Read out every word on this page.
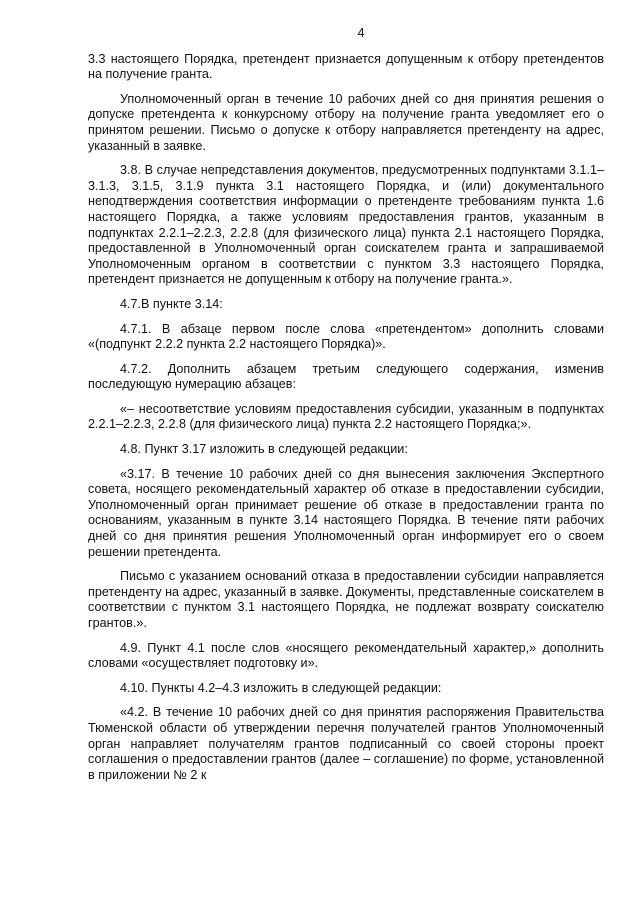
4

3.3 настоящего Порядка, претендент признается допущенным к отбору претендентов на получение гранта.

Уполномоченный орган в течение 10 рабочих дней со дня принятия решения о допуске претендента к конкурсному отбору на получение гранта уведомляет его о принятом решении. Письмо о допуске к отбору направляется претенденту на адрес, указанный в заявке.

3.8. В случае непредставления документов, предусмотренных подпунктами 3.1.1–3.1.3, 3.1.5, 3.1.9 пункта 3.1 настоящего Порядка, и (или) документального неподтверждения соответствия информации о претенденте требованиям пункта 1.6 настоящего Порядка, а также условиям предоставления грантов, указанным в подпунктах 2.2.1–2.2.3, 2.2.8 (для физического лица) пункта 2.1 настоящего Порядка, предоставленной в Уполномоченный орган соискателем гранта и запрашиваемой Уполномоченным органом в соответствии с пунктом 3.3 настоящего Порядка, претендент признается не допущенным к отбору на получение гранта.».

4.7.В пункте 3.14:

4.7.1. В абзаце первом после слова «претендентом» дополнить словами «(подпункт 2.2.2 пункта 2.2 настоящего Порядка)».

4.7.2. Дополнить абзацем третьим следующего содержания, изменив последующую нумерацию абзацев:

«– несоответствие условиям предоставления субсидии, указанным в подпунктах 2.2.1–2.2.3, 2.2.8 (для физического лица) пункта 2.2 настоящего Порядка;».

4.8. Пункт 3.17 изложить в следующей редакции:

«3.17. В течение 10 рабочих дней со дня вынесения заключения Экспертного совета, носящего рекомендательный характер об отказе в предоставлении субсидии, Уполномоченный орган принимает решение об отказе в предоставлении гранта по основаниям, указанным в пункте 3.14 настоящего Порядка. В течение пяти рабочих дней со дня принятия решения Уполномоченный орган информирует его о своем решении претендента.

Письмо с указанием оснований отказа в предоставлении субсидии направляется претенденту на адрес, указанный в заявке. Документы, представленные соискателем в соответствии с пунктом 3.1 настоящего Порядка, не подлежат возврату соискателю грантов.».

4.9. Пункт 4.1 после слов «носящего рекомендательный характер,» дополнить словами «осуществляет подготовку и».

4.10. Пункты 4.2–4.3 изложить в следующей редакции:

«4.2. В течение 10 рабочих дней со дня принятия распоряжения Правительства Тюменской области об утверждении перечня получателей грантов Уполномоченный орган направляет получателям грантов подписанный со своей стороны проект соглашения о предоставлении грантов (далее – соглашение) по форме, установленной в приложении № 2 к
